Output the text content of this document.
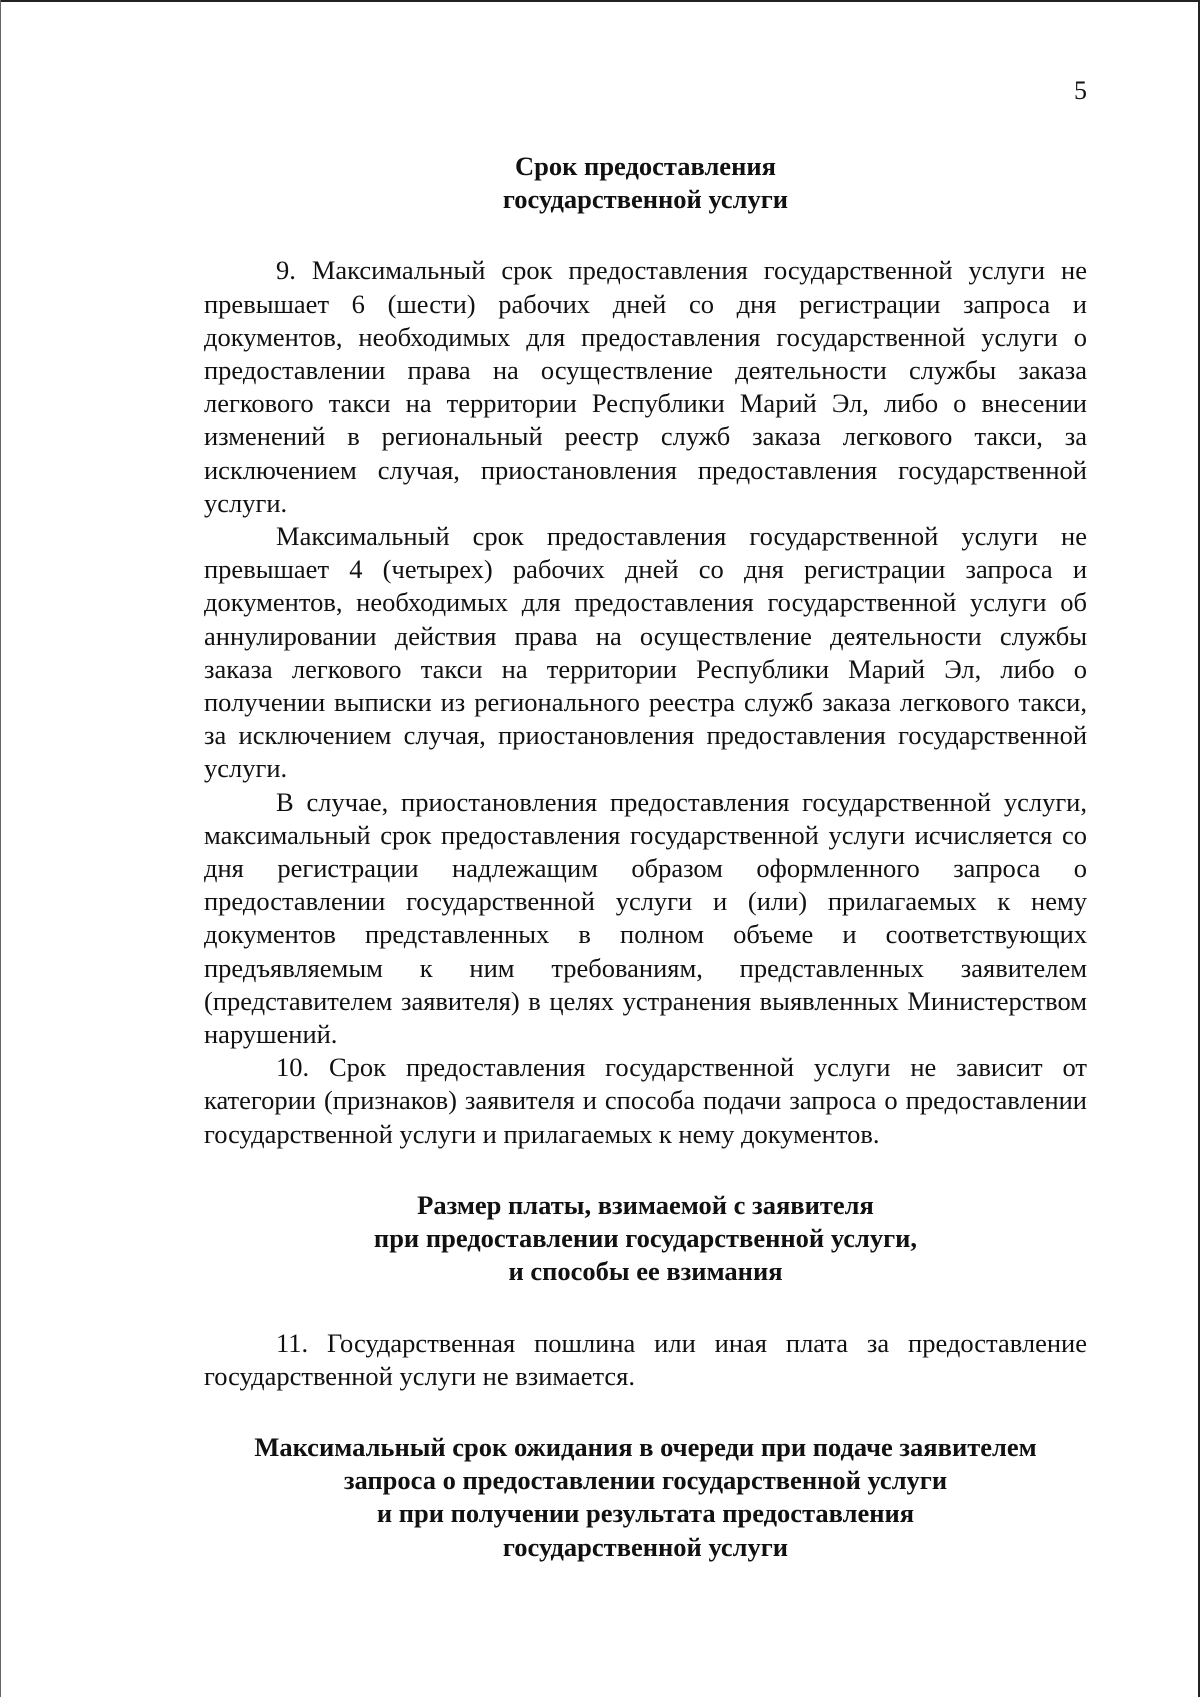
5

Срок предоставления

государственной услуги

9. Максимальный срок предоставления государственной услуги не превышает 6 (шести) рабочих дней со дня регистрации запроса и документов, необходимых для предоставления государственной услуги о предоставлении права на осуществление деятельности службы заказа легкового такси на территории Республики Марий Эл, либо о внесении изменений в региональный реестр служб заказа легкового такси, за исключением случая, приостановления предоставления государственной услуги.

Максимальный срок предоставления государственной услуги не превышает 4 (четырех) рабочих дней со дня регистрации запроса и документов, необходимых для предоставления государственной услуги об аннулировании действия права на осуществление деятельности службы заказа легкового такси на территории Республики Марий Эл, либо о получении выписки из регионального реестра служб заказа легкового такси, за исключением случая, приостановления предоставления государственной услуги.

В случае, приостановления предоставления государственной услуги, максимальный срок предоставления государственной услуги исчисляется со дня регистрации надлежащим образом оформленного запроса о предоставлении государственной услуги и (или) прилагаемых к нему документов представленных в полном объеме и соответствующих предъявляемым к ним требованиям, представленных заявителем (представителем заявителя) в целях устранения выявленных Министерством нарушений.

10. Срок предоставления государственной услуги не зависит от категории (признаков) заявителя и способа подачи запроса о предоставлении государственной услуги и прилагаемых к нему документов.

Размер платы, взимаемой с заявителя

при предоставлении государственной услуги,

и способы ее взимания

11. Государственная пошлина или иная плата за предоставление государственной услуги не взимается.

Максимальный срок ожидания в очереди при подаче заявителем

запроса о предоставлении государственной услуги

и при получении результата предоставления

государственной услуги
